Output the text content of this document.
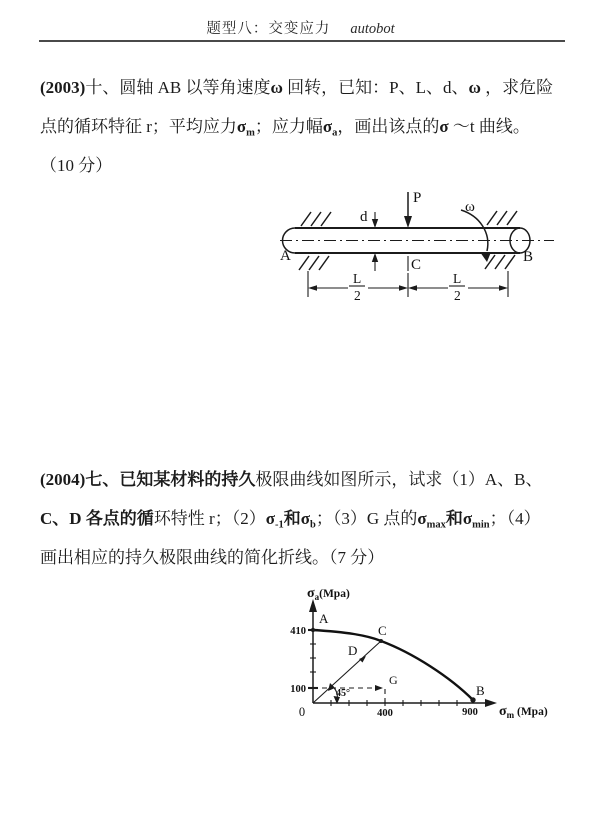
题型八：交变应力 autobot
(2003)十、圆轴 AB 以等角速度ω 回转，已知：P、L、d、ω ，求危险
点的循环特征 r；平均应力$\sigma_m$；应力幅$\sigma_a$，画出该点的σ ～t 曲线。
（10 分）
d
P
C
ω
A	B
L
2
L
2
(2004)七、已知某材料的持久极限曲线如图所示，试求（1）A、B、
C、D 各点的循环特性 r；$(2)\sigma_{-1}$和$\sigma_b$；（3）G 点的$\sigma_{max}$和$\sigma_{min}$；（4）
画出相应的持久极限曲线的简化折线。（7 分）
σa(Mpa)
σm (Mpa)
410
100
0	400	900
45°
A
C
D
B
G
